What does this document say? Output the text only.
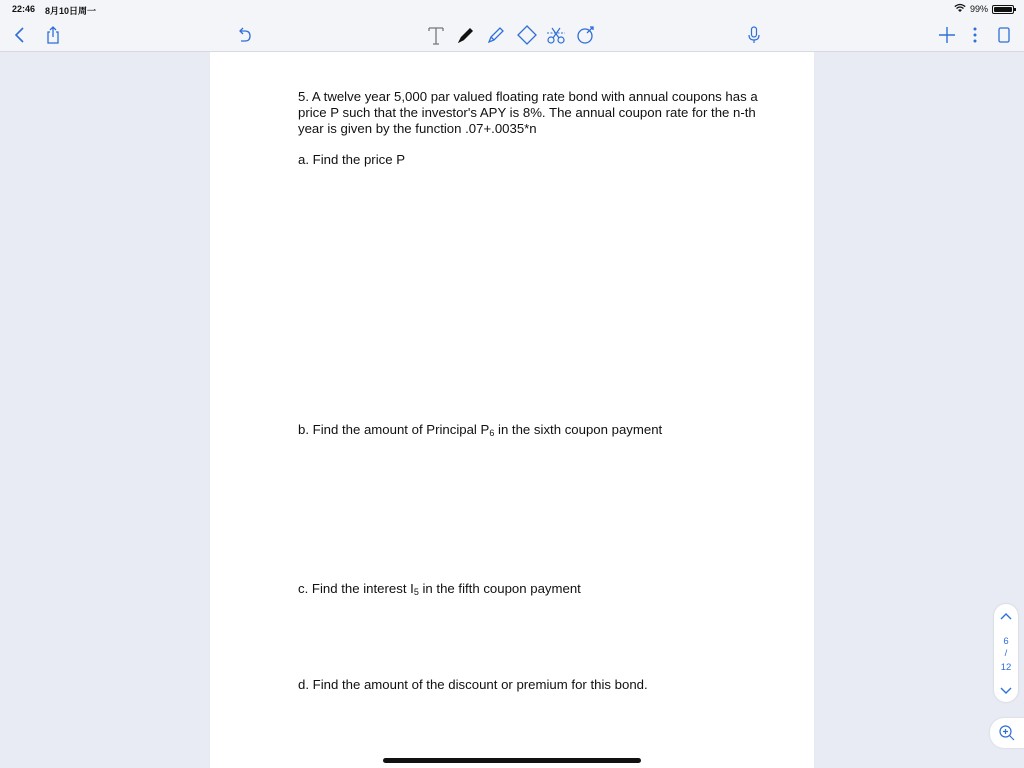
22:46 8月10日周一	99%
5. A twelve year 5,000 par valued floating rate bond with annual coupons has a price P such that the investor's APY is 8%. The annual coupon rate for the n-th year is given by the function .07+.0035*n
a. Find the price P
b. Find the amount of Principal $P_6$ in the sixth coupon payment
c. Find the interest $I_5$ in the fifth coupon payment
d. Find the amount of the discount or premium for this bond.
6
/
12
